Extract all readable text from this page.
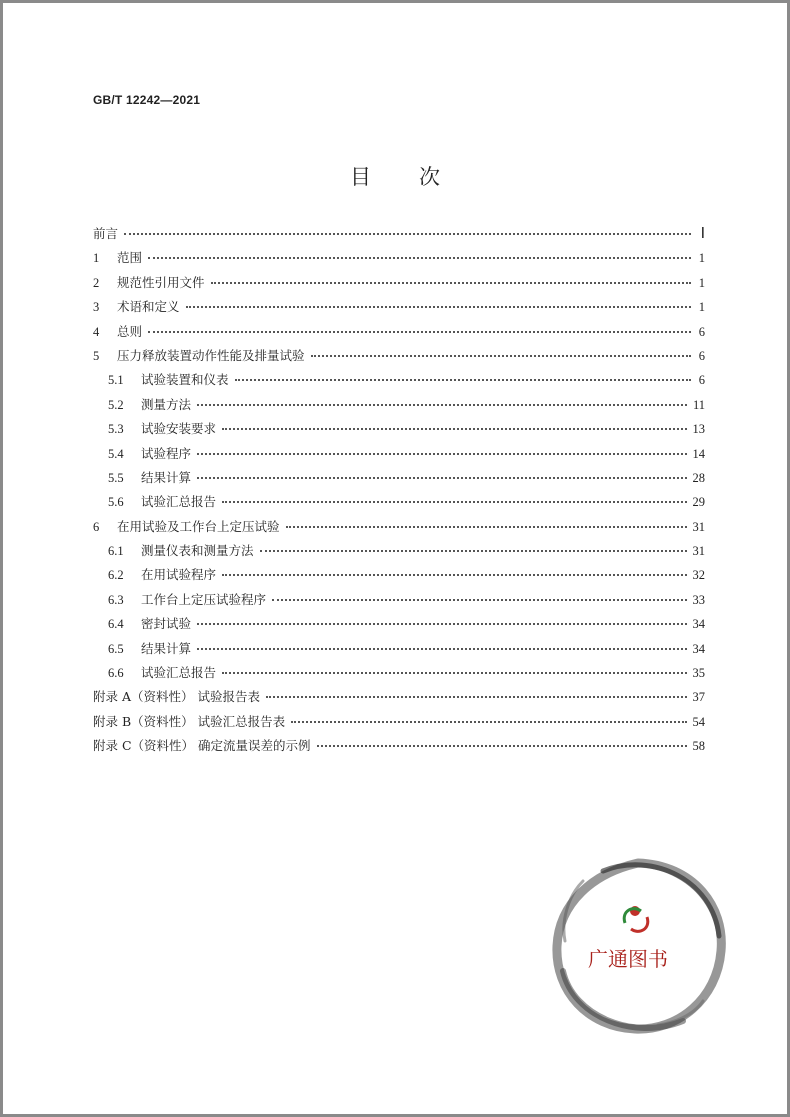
GB/T 12242—2021
目 次
前言	Ⅰ
1	范围	1
2	规范性引用文件	1
3	术语和定义	1
4	总则	6
5	压力释放装置动作性能及排量试验	6
5.1	试验装置和仪表	6
5.2	测量方法	11
5.3	试验安装要求	13
5.4	试验程序	14
5.5	结果计算	28
5.6	试验汇总报告	29
6	在用试验及工作台上定压试验	31
6.1	测量仪表和测量方法	31
6.2	在用试验程序	32
6.3	工作台上定压试验程序	33
6.4	密封试验	34
6.5	结果计算	34
6.6	试验汇总报告	35
附录 A（资料性） 试验报告表	37
附录 B（资料性） 试验汇总报告表	54
附录 C（资料性） 确定流量误差的示例	58
广通图书
